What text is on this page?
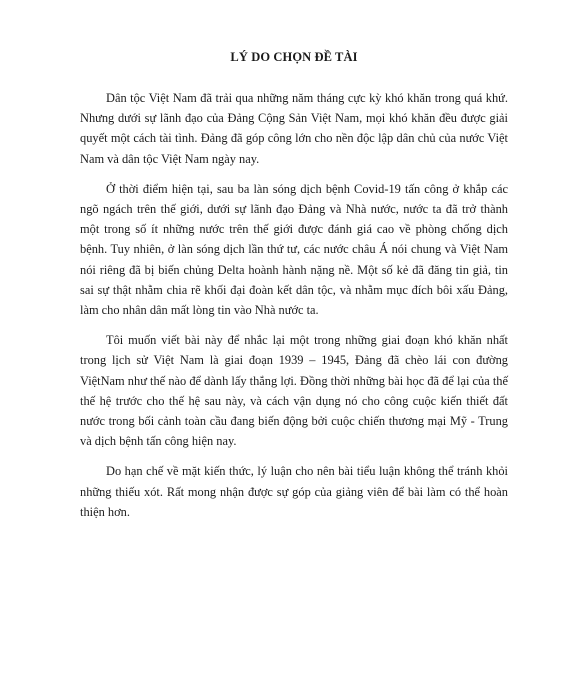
LÝ DO CHỌN ĐỀ TÀI

Dân tộc Việt Nam đã trải qua những năm tháng cực kỳ khó khăn trong quá khứ. Nhưng dưới sự lãnh đạo của Đảng Cộng Sản Việt Nam, mọi khó khăn đều được giải quyết một cách tài tình. Đảng đã góp công lớn cho nền độc lập dân chủ của nước Việt Nam và dân tộc Việt Nam ngày nay.

Ở thời điểm hiện tại, sau ba làn sóng dịch bệnh Covid-19 tấn công ở khắp các ngõ ngách trên thế giới, dưới sự lãnh đạo Đảng và Nhà nước, nước ta đã trở thành một trong số ít những nước trên thế giới được đánh giá cao về phòng chống dịch bệnh. Tuy nhiên, ở làn sóng dịch lần thứ tư, các nước châu Á nói chung và Việt Nam nói riêng đã bị biến chủng Delta hoành hành nặng nề. Một số kẻ đã đăng tin giả, tin sai sự thật nhằm chia rẽ khối đại đoàn kết dân tộc, và nhằm mục đích bôi xấu Đảng, làm cho nhân dân mất lòng tin vào Nhà nước ta.

Tôi muốn viết bài này để nhắc lại một trong những giai đoạn khó khăn nhất trong lịch sử Việt Nam là giai đoạn 1939 – 1945, Đảng đã chèo lái con đường ViệtNam như thế nào để dành lấy thắng lợi. Đồng thời những bài học đã để lại của thế thế hệ trước cho thế hệ sau này, và cách vận dụng nó cho công cuộc kiến thiết đất nước trong bối cảnh toàn cầu đang biến động bởi cuộc chiến thương mại Mỹ - Trung và dịch bệnh tấn công hiện nay.

Do hạn chế về mặt kiến thức, lý luận cho nên bài tiểu luận không thể tránh khỏi những thiếu xót. Rất mong nhận được sự góp của giảng viên để bài làm có thể hoàn thiện hơn.
